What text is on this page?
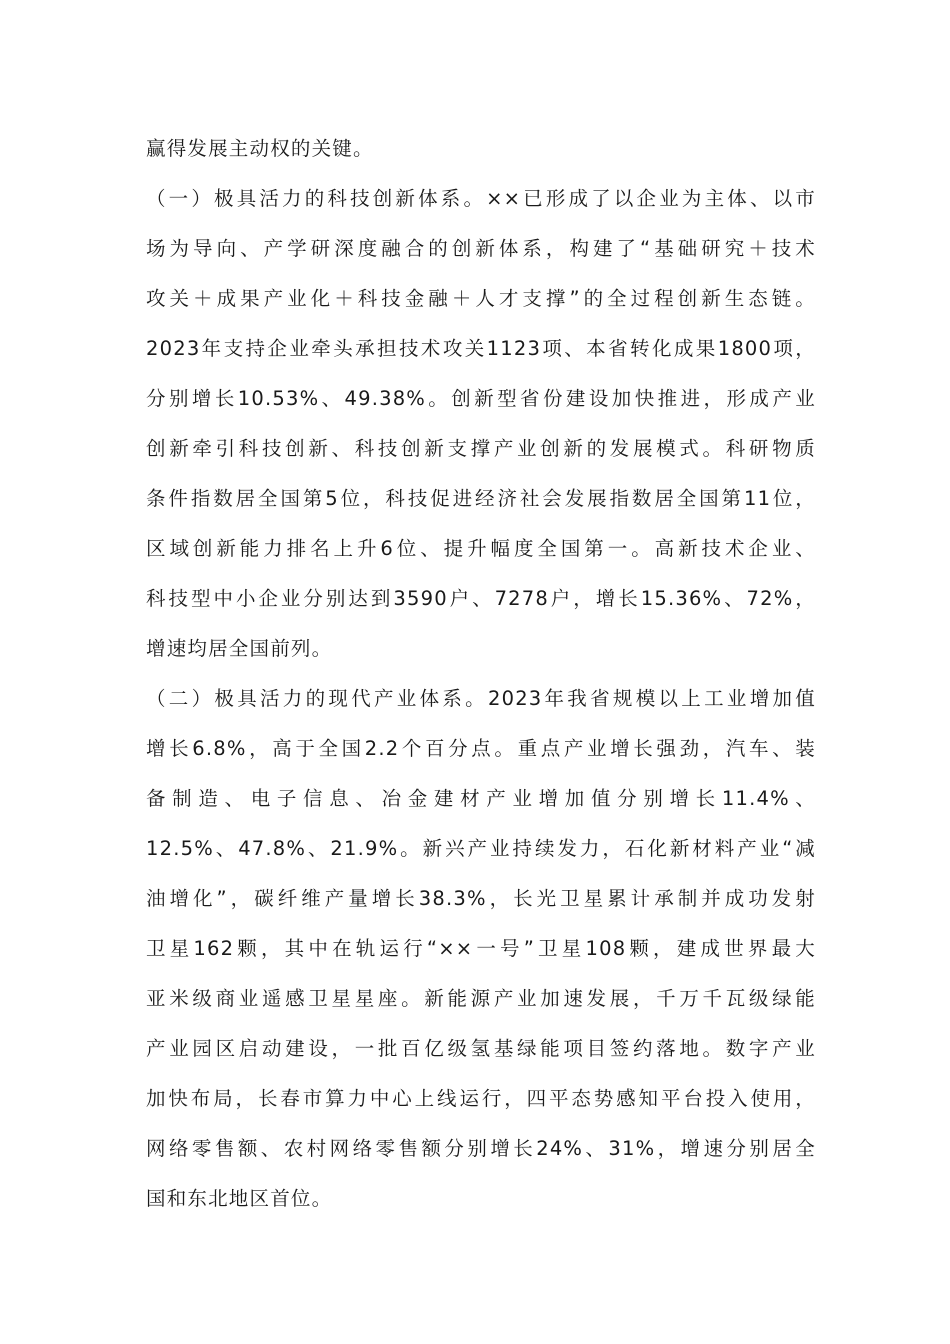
赢得发展主动权的关键。
（一）极具活力的科技创新体系。××已形成了以企业为主体、以市
场为导向、产学研深度融合的创新体系，构建了“基础研究＋技术
攻关＋成果产业化＋科技金融＋人才支撑”的全过程创新生态链。
2023年支持企业牵头承担技术攻关1123项、本省转化成果1800项，
分别增长10.53%、49.38%。创新型省份建设加快推进，形成产业
创新牵引科技创新、科技创新支撑产业创新的发展模式。科研物质
条件指数居全国第5位，科技促进经济社会发展指数居全国第11位，
区域创新能力排名上升6位、提升幅度全国第一。高新技术企业、
科技型中小企业分别达到3590户、7278户，增长15.36%、72%，
增速均居全国前列。
（二）极具活力的现代产业体系。2023年我省规模以上工业增加值
增长6.8%，高于全国2.2个百分点。重点产业增长强劲，汽车、装
备制造、电子信息、冶金建材产业增加值分别增长11.4%、
12.5%、47.8%、21.9%。新兴产业持续发力，石化新材料产业“减
油增化”，碳纤维产量增长38.3%，长光卫星累计承制并成功发射
卫星162颗，其中在轨运行“××一号”卫星108颗，建成世界最大
亚米级商业遥感卫星星座。新能源产业加速发展，千万千瓦级绿能
产业园区启动建设，一批百亿级氢基绿能项目签约落地。数字产业
加快布局，长春市算力中心上线运行，四平态势感知平台投入使用，
网络零售额、农村网络零售额分别增长24%、31%，增速分别居全
国和东北地区首位。
